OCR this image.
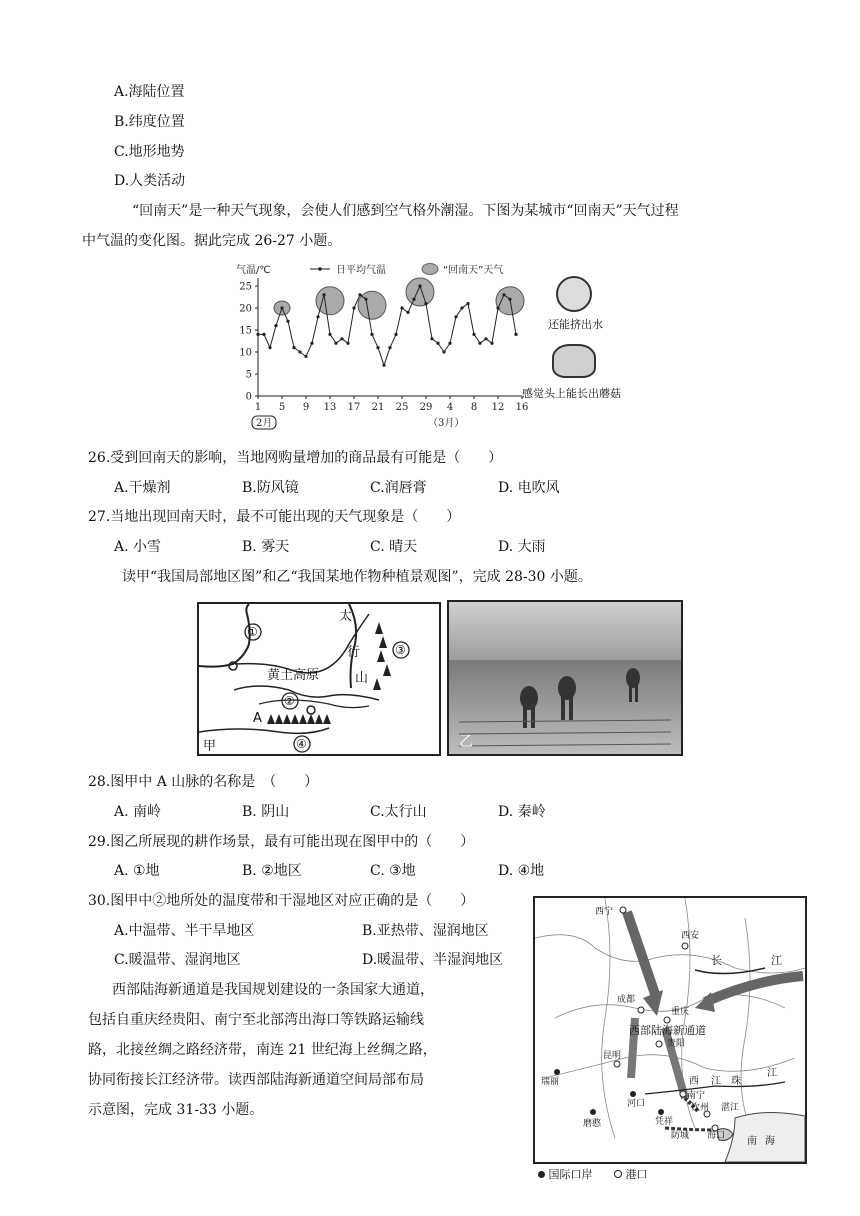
A.海陆位置
B.纬度位置
C.地形地势
D.人类活动
“回南天”是一种天气现象，会使人们感到空气格外潮湿。下图为某城市“回南天”天气过程
中气温的变化图。据此完成 26-27 小题。
气温/℃	日平均气温	“回南天”天气
0
5
10
15
20
25
1 5 9 13 17 21 25 29 4 8 12 16
2月	（3月）
还能挤出水
感觉头上能长出蘑菇
26.受到回南天的影响，当地网购量增加的商品最有可能是（　　）
A.干燥剂	B.防风镜	C.润唇膏	D. 电吹风
27.当地出现回南天时，最不可能出现的天气现象是（　　）
A. 小雪	B. 雾天	C. 晴天	D. 大雨
读甲“我国局部地区图”和乙“我国某地作物种植景观图”，完成 28-30 小题。
①
黄土高原
太
行
山
③
②
A
④
甲	乙
28.图甲中 A 山脉的名称是　（　　）
A. 南岭	B. 阴山	C.太行山	D. 秦岭
29.图乙所展现的耕作场景，最有可能出现在图甲中的（　　）
A. ①地	B. ②地区	C. ③地	D. ④地
30.图甲中②地所处的温度带和干湿地区对应正确的是（　　）
A.中温带、半干旱地区	B.亚热带、湿润地区
C.暖温带、湿润地区	D.暖温带、半湿润地区
西部陆海新通道是我国规划建设的一条国家大通道，
包括自重庆经贵阳、南宁至北部湾出海口等铁路运输线
路，北接丝绸之路经济带，南连 21 世纪海上丝绸之路，
协同衔接长江经济带。读西部陆海新通道空间局部布局
示意图，完成 31-33 小题。
西宁
西安
成都
重庆
贵阳
昆明
南宁
瑞丽
磨憨
河口
凭祥
钦州 湛江
海口
防城
长	江
西部陆海新通道
西 江 珠
江
南 海
国际口岸	港口
